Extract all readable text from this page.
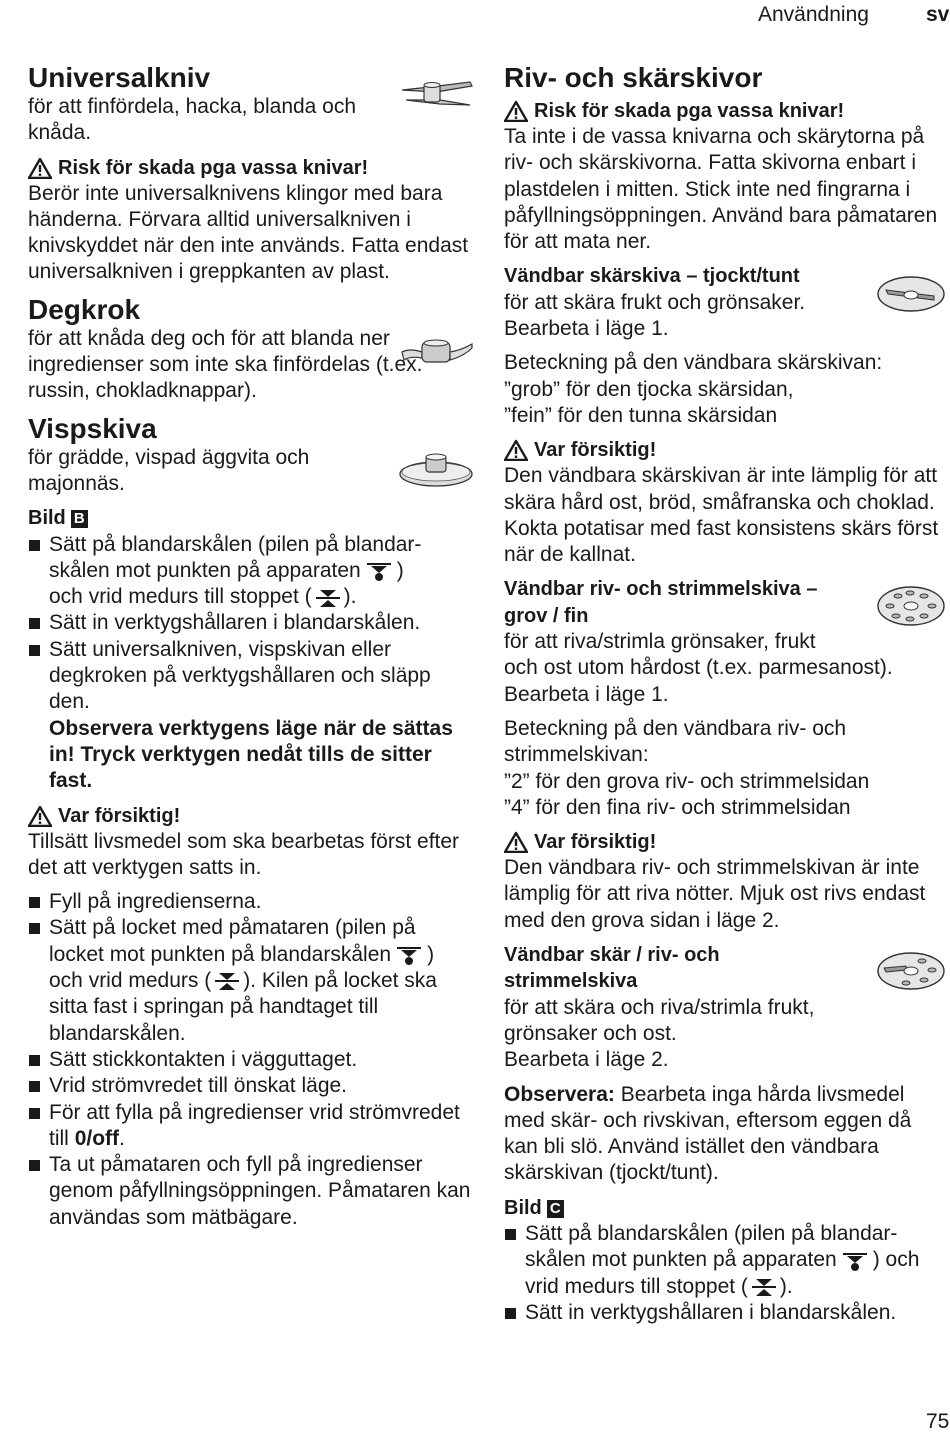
Användning	sv
Universalkniv

för att finfördela, hacka, blanda och knåda.

Risk för skada pga vassa knivar!

Berör inte universalknivens klingor med bara händerna. Förvara alltid universalkniven i knivskyddet när den inte används. Fatta endast universalkniven i greppkanten av plast.

Degkrok

för att knåda deg och för att blanda ner ingredienser som inte ska finfördelas (t.ex. russin, chokladknappar).

Vispskiva

för grädde, vispad äggvita och majonnäs.

Bild B
Sätt på blandarskålen (pilen på blandarskålen mot punkten på apparaten )
och vrid medurs till stoppet ( ).
Sätt in verktygshållaren i blandarskålen.
Sätt universalkniven, vispskivan eller degkroken på verktygshållaren och släpp den.
Observera verktygens läge när de sättas in! Tryck verktygen nedåt tills de sitter fast.
Var försiktig!

Tillsätt livsmedel som ska bearbetas först efter det att verktygen satts in.

Fyll på ingredienserna.
Sätt på locket med påmataren (pilen på locket mot punkten på blandarskålen )
och vrid medurs ( ). Kilen på locket ska sitta fast i springan på handtaget till blandarskålen.
Sätt stickkontakten i vägguttaget.
Vrid strömvredet till önskat läge.
För att fylla på ingredienser vrid strömvredet till 0/off.
Ta ut påmataren och fyll på ingredienser genom påfyllningsöppningen. Påmataren kan användas som mätbägare.
Riv- och skärskivor
Risk för skada pga vassa knivar!

Ta inte i de vassa knivarna och skärytorna på riv- och skärskivorna. Fatta skivorna enbart i plastdelen i mitten. Stick inte ned fingrarna i påfyllningsöppningen. Använd bara påmataren för att mata ner.

Vändbar skärskiva – tjockt/tunt

för att skära frukt och grönsaker.

Bearbeta i läge 1.

Beteckning på den vändbara skärskivan:

”grob” för den tjocka skärsidan,

”fein” för den tunna skärsidan

Var försiktig!

Den vändbara skärskivan är inte lämplig för att skära hård ost, bröd, småfranska och choklad. Kokta potatisar med fast konsistens skärs först när de kallnat.

Vändbar riv- och strimmelskiva –
grov / fin

för att riva/strimla grönsaker, frukt

och ost utom hårdost (t.ex. parmesanost).

Bearbeta i läge 1.

Beteckning på den vändbara riv- och strimmelskivan:

”2” för den grova riv- och strimmelsidan

”4” för den fina riv- och strimmelsidan

Var försiktig!

Den vändbara riv- och strimmelskivan är inte lämplig för att riva nötter. Mjuk ost rivs endast med den grova sidan i läge 2.

Vändbar skär / riv- och
strimmelskiva

för att skära och riva/strimla frukt, grönsaker och ost.

Bearbeta i läge 2.

Observera: Bearbeta inga hårda livsmedel med skär- och rivskivan, eftersom eggen då kan bli slö. Använd istället den vändbara skärskivan (tjockt/tunt).

Bild C
Sätt på blandarskålen (pilen på blandarskålen mot punkten på apparaten ) och vrid medurs till stoppet ( ).
Sätt in verktygshållaren i blandarskålen.
75
